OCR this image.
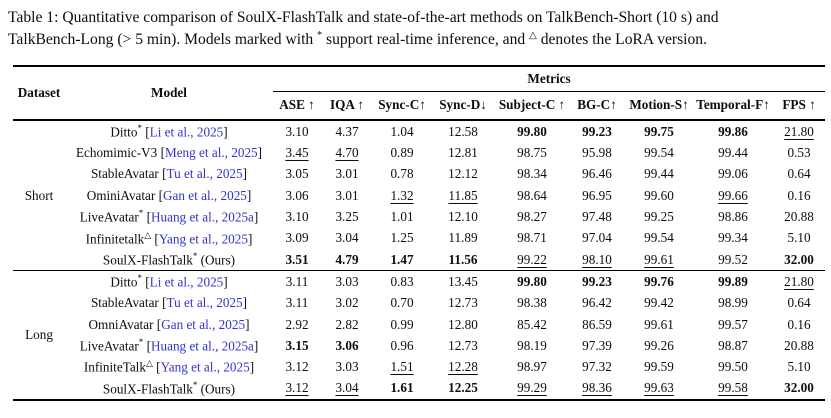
Table 1: Quantitative comparison of SoulX-FlashTalk and state-of-the-art methods on TalkBench-Short (10 s) and
TalkBench-Long (> 5 min). Models marked with * support real-time inference, and △ denotes the LoRA version.
Dataset	Model	Metrics								
		ASE ↑	IQA ↑	Sync-C↑	Sync-D↓	Subject-C ↑	BG-C↑	Motion-S↑	Temporal-F↑	FPS ↑
Short	Ditto* [Li et al., 2025]	3.10	4.37	1.04	12.58	99.80	99.23	99.75	99.86	21.80
	Echomimic-V3 [Meng et al., 2025]	3.45	4.70	0.89	12.81	98.75	95.98	99.54	99.44	0.53
	StableAvatar [Tu et al., 2025]	3.05	3.01	0.78	12.12	98.34	96.46	99.44	99.06	0.64
	OminiAvatar [Gan et al., 2025]	3.06	3.01	1.32	11.85	98.64	96.95	99.60	99.66	0.16
	LiveAvatar* [Huang et al., 2025a]	3.10	3.25	1.01	12.10	98.27	97.48	99.25	98.86	20.88
	Infinitetalk△ [Yang et al., 2025]	3.09	3.04	1.25	11.89	98.71	97.04	99.54	99.34	5.10
	SoulX-FlashTalk* (Ours)	3.51	4.79	1.47	11.56	99.22	98.10	99.61	99.52	32.00
Long	Ditto* [Li et al., 2025]	3.11	3.03	0.83	13.45	99.80	99.23	99.76	99.89	21.80
	StableAvatar [Tu et al., 2025]	3.11	3.02	0.70	12.73	98.38	96.42	99.42	98.99	0.64
	OmniAvatar [Gan et al., 2025]	2.92	2.82	0.99	12.80	85.42	86.59	99.61	99.57	0.16
	LiveAvatar* [Huang et al., 2025a]	3.15	3.06	0.96	12.73	98.19	97.39	99.26	98.87	20.88
	InfiniteTalk△ [Yang et al., 2025]	3.12	3.03	1.51	12.28	98.97	97.32	99.59	99.50	5.10
	SoulX-FlashTalk* (Ours)	3.12	3.04	1.61	12.25	99.29	98.36	99.63	99.58	32.00
